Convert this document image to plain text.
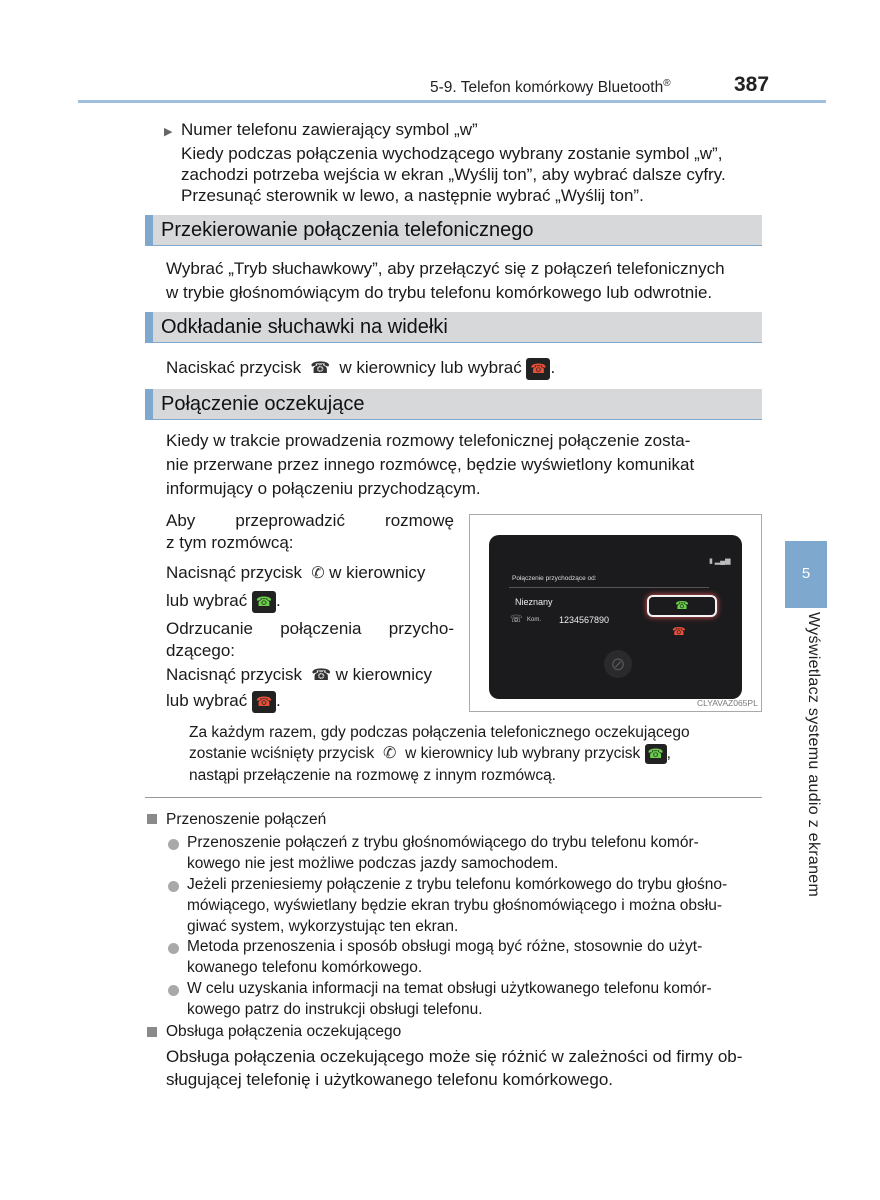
5-9. Telefon komórkowy Bluetooth®	387
5
Wyświetlacz systemu audio z ekranem
▶ Numer telefonu zawierający symbol „w”
Kiedy podczas połączenia wychodzącego wybrany zostanie symbol „w”,
zachodzi potrzeba wejścia w ekran „Wyślij ton”, aby wybrać dalsze cyfry.
Przesunąć sterownik w lewo, a następnie wybrać „Wyślij ton”.
Przekierowanie połączenia telefonicznego
Wybrać „Tryb słuchawkowy”, aby przełączyć się z połączeń telefonicznych
w trybie głośnomówiącym do trybu telefonu komórkowego lub odwrotnie.
Odkładanie słuchawki na widełki
Naciskać przycisk  ☎  w kierownicy lub wybrać ☎ .
Połączenie oczekujące
Kiedy w trakcie prowadzenia rozmowy telefonicznej połączenie zosta-
nie przerwane przez innego rozmówcę, będzie wyświetlony komunikat
informujący o połączeniu przychodzącym.
Aby przeprowadzić rozmowę
z tym rozmówcą:
Nacisnąć przycisk  ✆ w kierownicy
lub wybrać ☎ .
Odrzucanie połączenia przycho-
dzącego:
Nacisnąć przycisk  ☎ w kierownicy
lub wybrać ☎ .
▮ ▂▄▆
Połączenie przychodzące od:
Nieznany
☏ Kom. 1234567890
☎
☎
⊘
CLYAVAZ065PL
Za każdym razem, gdy podczas połączenia telefonicznego oczekującego
zostanie wciśnięty przycisk  ✆  w kierownicy lub wybrany przycisk ☎ ,
nastąpi przełączenie na rozmowę z innym rozmówcą.
Przenoszenie połączeń
Przenoszenie połączeń z trybu głośnomówiącego do trybu telefonu komór-
kowego nie jest możliwe podczas jazdy samochodem.
Jeżeli przeniesiemy połączenie z trybu telefonu komórkowego do trybu głośno-
mówiącego, wyświetlany będzie ekran trybu głośnomówiącego i można obsłu-
giwać system, wykorzystując ten ekran.
Metoda przenoszenia i sposób obsługi mogą być różne, stosownie do użyt-
kowanego telefonu komórkowego.
W celu uzyskania informacji na temat obsługi użytkowanego telefonu komór-
kowego patrz do instrukcji obsługi telefonu.
Obsługa połączenia oczekującego
Obsługa połączenia oczekującego może się różnić w zależności od firmy ob-
sługującej telefonię i użytkowanego telefonu komórkowego.
